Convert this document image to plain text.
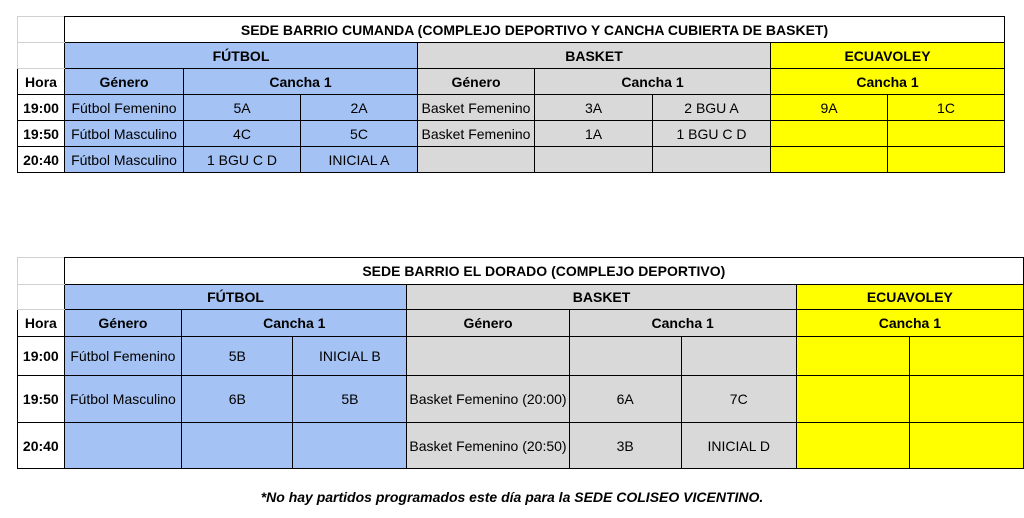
	SEDE BARRIO CUMANDA (COMPLEJO DEPORTIVO Y CANCHA CUBIERTA DE BASKET)							
	FÚTBOL			BASKET			ECUAVOLEY	
Hora	Género	Cancha 1		Género	Cancha 1		Cancha 1	
19:00	Fútbol Femenino	5A	2A	Basket Femenino	3A	2 BGU A	9A	1C
19:50	Fútbol Masculino	4C	5C	Basket Femenino	1A	1 BGU C D		
20:40	Fútbol Masculino	1 BGU C D	INICIAL A					
	SEDE BARRIO EL DORADO (COMPLEJO DEPORTIVO)							
	FÚTBOL			BASKET			ECUAVOLEY	
Hora	Género	Cancha 1		Género	Cancha 1		Cancha 1	
19:00	Fútbol Femenino	5B	INICIAL B					
19:50	Fútbol Masculino	6B	5B	Basket Femenino (20:00)	6A	7C		
20:40				Basket Femenino (20:50)	3B	INICIAL D		
*No hay partidos programados este día para la SEDE COLISEO VICENTINO.
